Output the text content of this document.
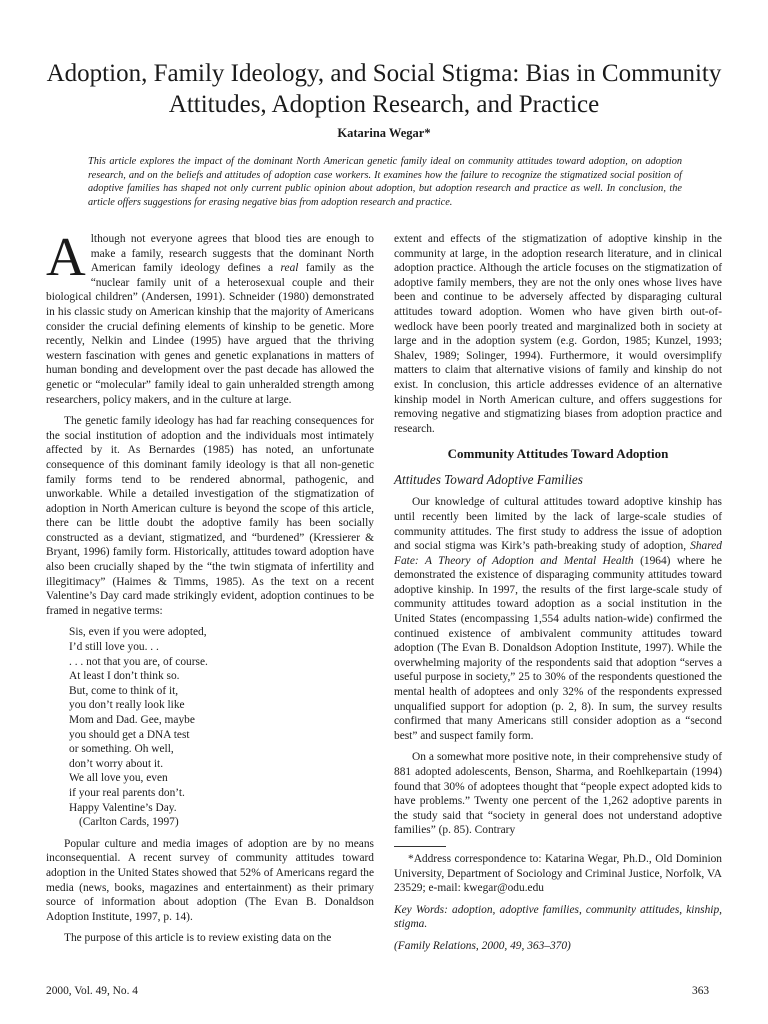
Adoption, Family Ideology, and Social Stigma: Bias in Community Attitudes, Adoption Research, and Practice
Katarina Wegar*

This article explores the impact of the dominant North American genetic family ideal on community attitudes toward adoption, on adoption research, and on the beliefs and attitudes of adoption case workers. It examines how the failure to recognize the stigmatized social position of adoptive families has shaped not only current public opinion about adoption, but adoption research and practice as well. In conclusion, the article offers suggestions for erasing negative bias from adoption research and practice.

Although not everyone agrees that blood ties are enough to make a family, research suggests that the dominant North American family ideology defines a real family as the “nuclear family unit of a heterosexual couple and their biological children” (Andersen, 1991). Schneider (1980) demonstrated in his classic study on American kinship that the majority of Americans consider the crucial defining elements of kinship to be genetic. More recently, Nelkin and Lindee (1995) have argued that the thriving western fascination with genes and genetic explanations in matters of human bonding and development over the past decade has allowed the genetic or “molecular” family ideal to gain unheralded strength among researchers, policy makers, and in the culture at large.

The genetic family ideology has had far reaching consequences for the social institution of adoption and the individuals most intimately affected by it. As Bernardes (1985) has noted, an unfortunate consequence of this dominant family ideology is that all non-genetic family forms tend to be rendered abnormal, pathogenic, and unworkable. While a detailed investigation of the stigmatization of adoption in North American culture is beyond the scope of this article, there can be little doubt the adoptive family has been socially constructed as a deviant, stigmatized, and “burdened” (Kressierer & Bryant, 1996) family form. Historically, attitudes toward adoption have also been crucially shaped by the “the twin stigmata of infertility and illegitimacy” (Haimes & Timms, 1985). As the text on a recent Valentine’s Day card made strikingly evident, adoption continues to be framed in negative terms:

Sis, even if you were adopted,
I’d still love you. . .
. . . not that you are, of course.
At least I don’t think so.
But, come to think of it,
you don’t really look like
Mom and Dad. Gee, maybe
you should get a DNA test
or something. Oh well,
don’t worry about it.
We all love you, even
if your real parents don’t.
Happy Valentine’s Day.
(Carlton Cards, 1997)

Popular culture and media images of adoption are by no means inconsequential. A recent survey of community attitudes toward adoption in the United States showed that 52% of Americans regard the media (news, books, magazines and entertainment) as their primary source of information about adoption (The Evan B. Donaldson Adoption Institute, 1997, p. 14).

The purpose of this article is to review existing data on the

extent and effects of the stigmatization of adoptive kinship in the community at large, in the adoption research literature, and in clinical adoption practice. Although the article focuses on the stigmatization of adoptive family members, they are not the only ones whose lives have been and continue to be adversely affected by disparaging cultural attitudes toward adoption. Women who have given birth out-of-wedlock have been poorly treated and marginalized both in society at large and in the adoption system (e.g. Gordon, 1985; Kunzel, 1993; Shalev, 1989; Solinger, 1994). Furthermore, it would oversimplify matters to claim that alternative visions of family and kinship do not exist. In conclusion, this article addresses evidence of an alternative kinship model in North American culture, and offers suggestions for removing negative and stigmatizing biases from adoption practice and research.

Community Attitudes Toward Adoption
Attitudes Toward Adoptive Families

Our knowledge of cultural attitudes toward adoptive kinship has until recently been limited by the lack of large-scale studies of community attitudes. The first study to address the issue of adoption and social stigma was Kirk’s path-breaking study of adoption, Shared Fate: A Theory of Adoption and Mental Health (1964) where he demonstrated the existence of disparaging community attitudes toward adoptive kinship. In 1997, the results of the first large-scale study of community attitudes toward adoption as a social institution in the United States (encompassing 1,554 adults nation-wide) confirmed the continued existence of ambivalent community attitudes toward adoption (The Evan B. Donaldson Adoption Institute, 1997). While the overwhelming majority of the respondents said that adoption “serves a useful purpose in society,” 25 to 30% of the respondents questioned the mental health of adoptees and only 32% of the respondents expressed unqualified support for adoption (p. 2, 8). In sum, the survey results confirmed that many Americans still consider adoption as a “second best” and suspect family form.

On a somewhat more positive note, in their comprehensive study of 881 adopted adolescents, Benson, Sharma, and Roehlkepartain (1994) found that 30% of adoptees thought that “people expect adopted kids to have problems.” Twenty one percent of the 1,262 adoptive parents in the study said that “society in general does not understand adoptive families” (p. 85). Contrary

*Address correspondence to: Katarina Wegar, Ph.D., Old Dominion University, Department of Sociology and Criminal Justice, Norfolk, VA 23529; e-mail: kwegar@odu.edu

Key Words: adoption, adoptive families, community attitudes, kinship, stigma.

(Family Relations, 2000, 49, 363–370)

2000, Vol. 49, No. 4	363
